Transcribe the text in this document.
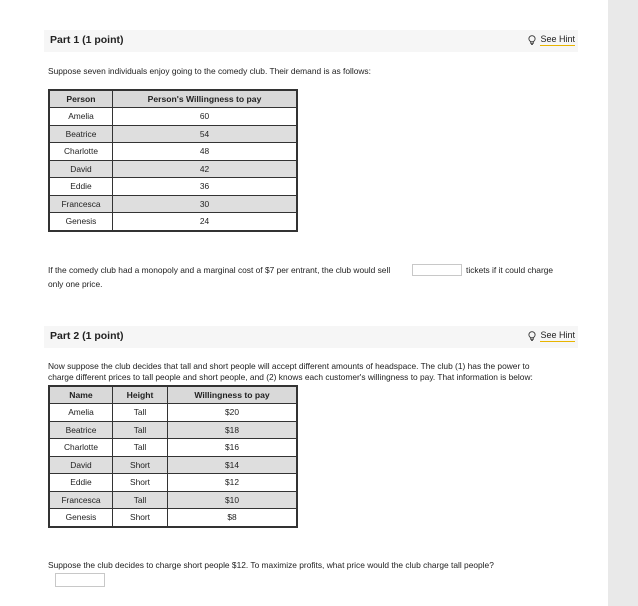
Part 1 (1 point)	See Hint
Suppose seven individuals enjoy going to the comedy club. Their demand is as follows:
Person	Person's Willingness to pay
Amelia	60
Beatrice	54
Charlotte	48
David	42
Eddie	36
Francesca	30
Genesis	24
If the comedy club had a monopoly and a marginal cost of $7 per entrant, the club would sell	tickets if it could charge
only one price.
Part 2 (1 point)	See Hint
Now suppose the club decides that tall and short people will accept different amounts of headspace. The club (1) has the power to
charge different prices to tall people and short people, and (2) knows each customer's willingness to pay. That information is below:
Name	Height	Willingness to pay
Amelia	Tall	$20
Beatrice	Tall	$18
Charlotte	Tall	$16
David	Short	$14
Eddie	Short	$12
Francesca	Tall	$10
Genesis	Short	$8
Suppose the club decides to charge short people $12. To maximize profits, what price would the club charge tall people?
